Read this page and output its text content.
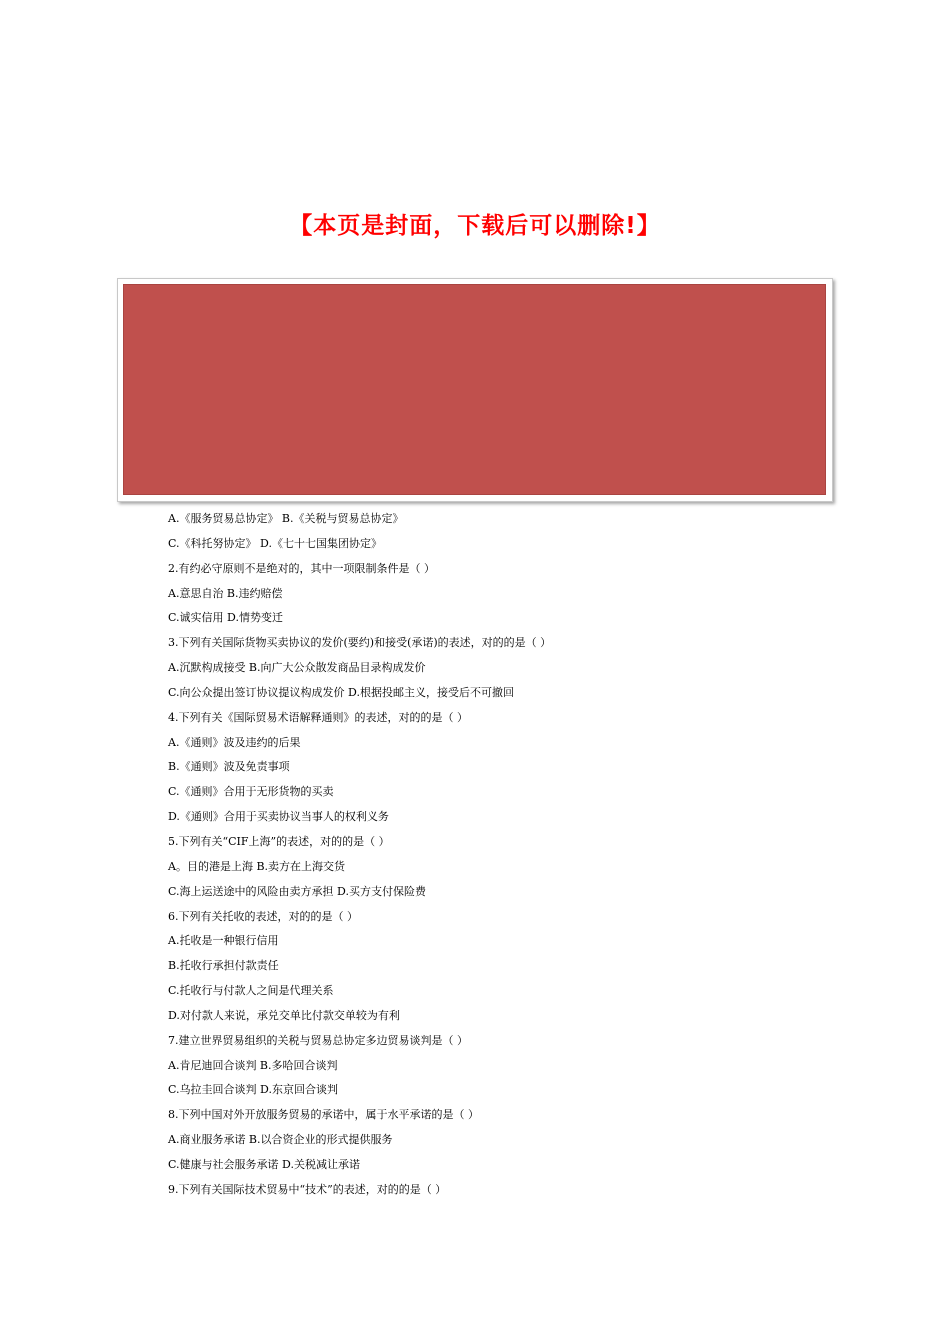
【本页是封面，下载后可以删除!】
A.《服务贸易总协定》 B.《关税与贸易总协定》
C.《科托努协定》 D.《七十七国集团协定》
2.有约必守原则不是绝对的，其中一项限制条件是（ ）
A.意思自治 B.违约赔偿
C.诚实信用 D.情势变迁
3.下列有关国际货物买卖协议的发价(要约)和接受(承诺)的表述，对的的是（ ）
A.沉默构成接受 B.向广大公众散发商品目录构成发价
C.向公众提出签订协议提议构成发价 D.根据投邮主义，接受后不可撤回
4.下列有关《国际贸易术语解释通则》的表述，对的的是（ ）
A.《通则》波及违约的后果
B.《通则》波及免责事项
C.《通则》合用于无形货物的买卖
D.《通则》合用于买卖协议当事人的权利义务
5.下列有关“CIF上海”的表述，对的的是（ ）
A。目的港是上海 B.卖方在上海交货
C.海上运送途中的风险由卖方承担 D.买方支付保险费
6.下列有关托收的表述，对的的是（ ）
A.托收是一种银行信用
B.托收行承担付款责任
C.托收行与付款人之间是代理关系
D.对付款人来说，承兑交单比付款交单较为有利
7.建立世界贸易组织的关税与贸易总协定多边贸易谈判是（ ）
A.肯尼迪回合谈判 B.多哈回合谈判
C.乌拉圭回合谈判 D.东京回合谈判
8.下列中国对外开放服务贸易的承诺中，属于水平承诺的是（ ）
A.商业服务承诺 B.以合资企业的形式提供服务
C.健康与社会服务承诺 D.关税减让承诺
9.下列有关国际技术贸易中“技术”的表述，对的的是（ ）
